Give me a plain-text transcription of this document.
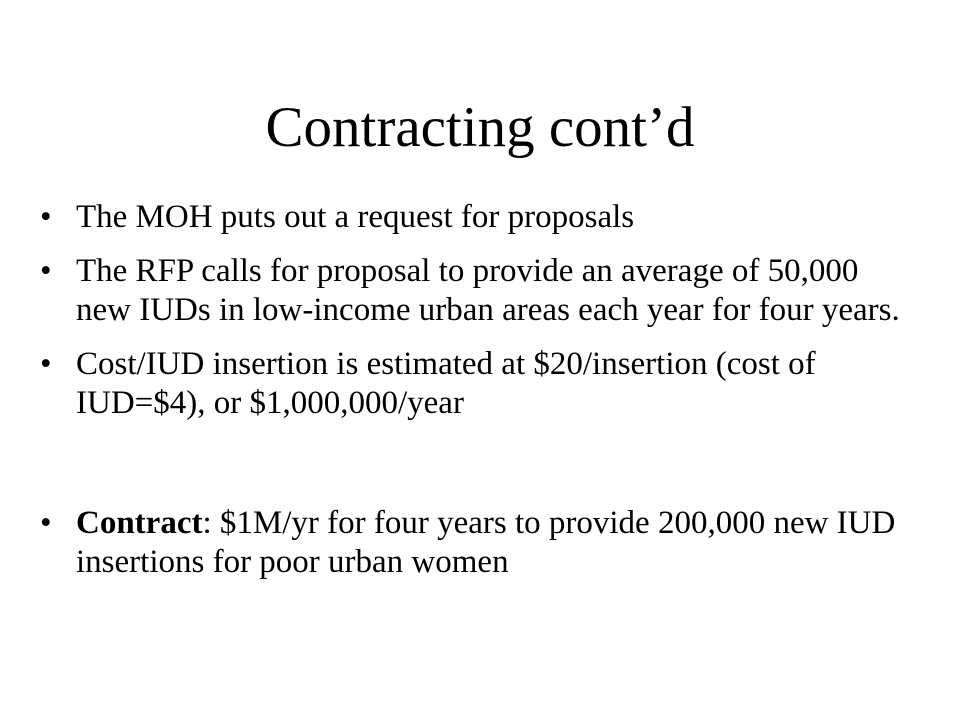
Contracting cont’d
• The MOH puts out a request for proposals
• The RFP calls for proposal to provide an average of 50,000 new IUDs in low-income urban areas each year for four years.
• Cost/IUD insertion is estimated at $20/insertion (cost of IUD=$4), or $1,000,000/year
• Contract: $1M/yr for four years to provide 200,000 new IUD insertions for poor urban women
